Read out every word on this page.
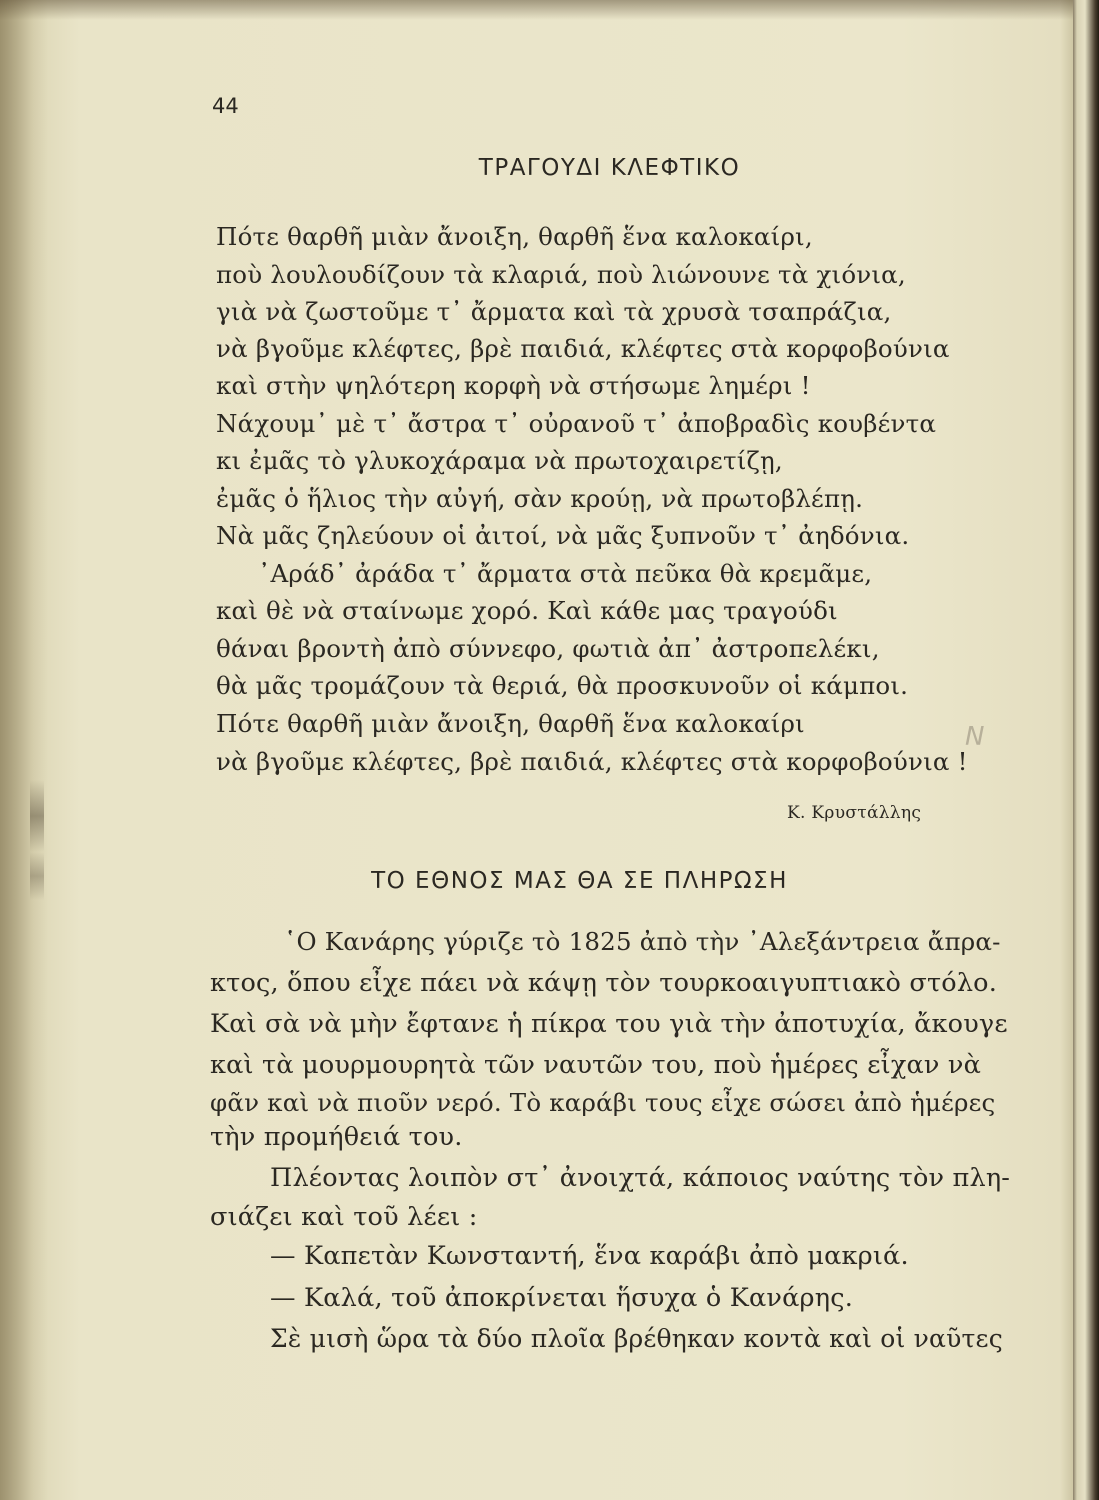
44
ΤΡΑΓΟΥΔΙ ΚΛΕΦΤΙΚΟ
Πότε θαρθῆ μιὰν ἄνοιξη, θαρθῆ ἕνα καλοκαίρι,
ποὺ λουλουδίζουν τὰ κλαριά, ποὺ λιώνουνε τὰ χιόνια,
γιὰ νὰ ζωστοῦμε τ᾽ ἄρματα καὶ τὰ χρυσὰ τσαπράζια,
νὰ βγοῦμε κλέφτες, βρὲ παιδιά, κλέφτες στὰ κορφοβούνια
καὶ στὴν ψηλότερη κορφὴ νὰ στήσωμε λημέρι !
Νάχουμ᾽ μὲ τ᾽ ἄστρα τ᾽ οὐρανοῦ τ᾽ ἀποβραδὶς κουβέντα
κι ἐμᾶς τὸ γλυκοχάραμα νὰ πρωτοχαιρετίζῃ,
ἐμᾶς ὁ ἥλιος τὴν αὐγή, σὰν κρούῃ, νὰ πρωτοβλέπῃ.
Νὰ μᾶς ζηλεύουν οἱ ἀιτοί, νὰ μᾶς ξυπνοῦν τ᾽ ἀηδόνια.
᾽Αράδ᾽ ἀράδα τ᾽ ἄρματα στὰ πεῦκα θὰ κρεμᾶμε,
καὶ θὲ νὰ σταίνωμε χορό. Καὶ κάθε μας τραγούδι
θάναι βροντὴ ἀπὸ σύννεφο, φωτιὰ ἀπ᾽ ἀστροπελέκι,
θὰ μᾶς τρομάζουν τὰ θεριά, θὰ προσκυνοῦν οἱ κάμποι.
Πότε θαρθῆ μιὰν ἄνοιξη, θαρθῆ ἕνα καλοκαίρι
νὰ βγοῦμε κλέφτες, βρὲ παιδιά, κλέφτες στὰ κορφοβούνια !
Ν
Κ. Κρυστάλλης
ΤΟ ΕΘΝΟΣ ΜΑΣ ΘΑ ΣΕ ΠΛΗΡΩΣΗ
῾Ο Κανάρης γύριζε τὸ 1825 ἀπὸ τὴν ᾽Αλεξάντρεια ἄπρα-
κτος, ὅπου εἶχε πάει νὰ κάψῃ τὸν τουρκοαιγυπτιακὸ στόλο.
Καὶ σὰ νὰ μὴν ἔφτανε ἡ πίκρα του γιὰ τὴν ἀποτυχία, ἄκουγε
καὶ τὰ μουρμουρητὰ τῶν ναυτῶν του, ποὺ ἡμέρες εἶχαν νὰ
φᾶν καὶ νὰ πιοῦν νερό. Τὸ καράβι τους εἶχε σώσει ἀπὸ ἡμέρες
τὴν προμήθειά του.
Πλέοντας λοιπὸν στ᾽ ἀνοιχτά, κάποιος ναύτης τὸν πλη-
σιάζει καὶ τοῦ λέει :
— Καπετὰν Κωνσταντή, ἕνα καράβι ἀπὸ μακριά.
— Καλά, τοῦ ἀποκρίνεται ἥσυχα ὁ Κανάρης.
Σὲ μισὴ ὥρα τὰ δύο πλοῖα βρέθηκαν κοντὰ καὶ οἱ ναῦτες
